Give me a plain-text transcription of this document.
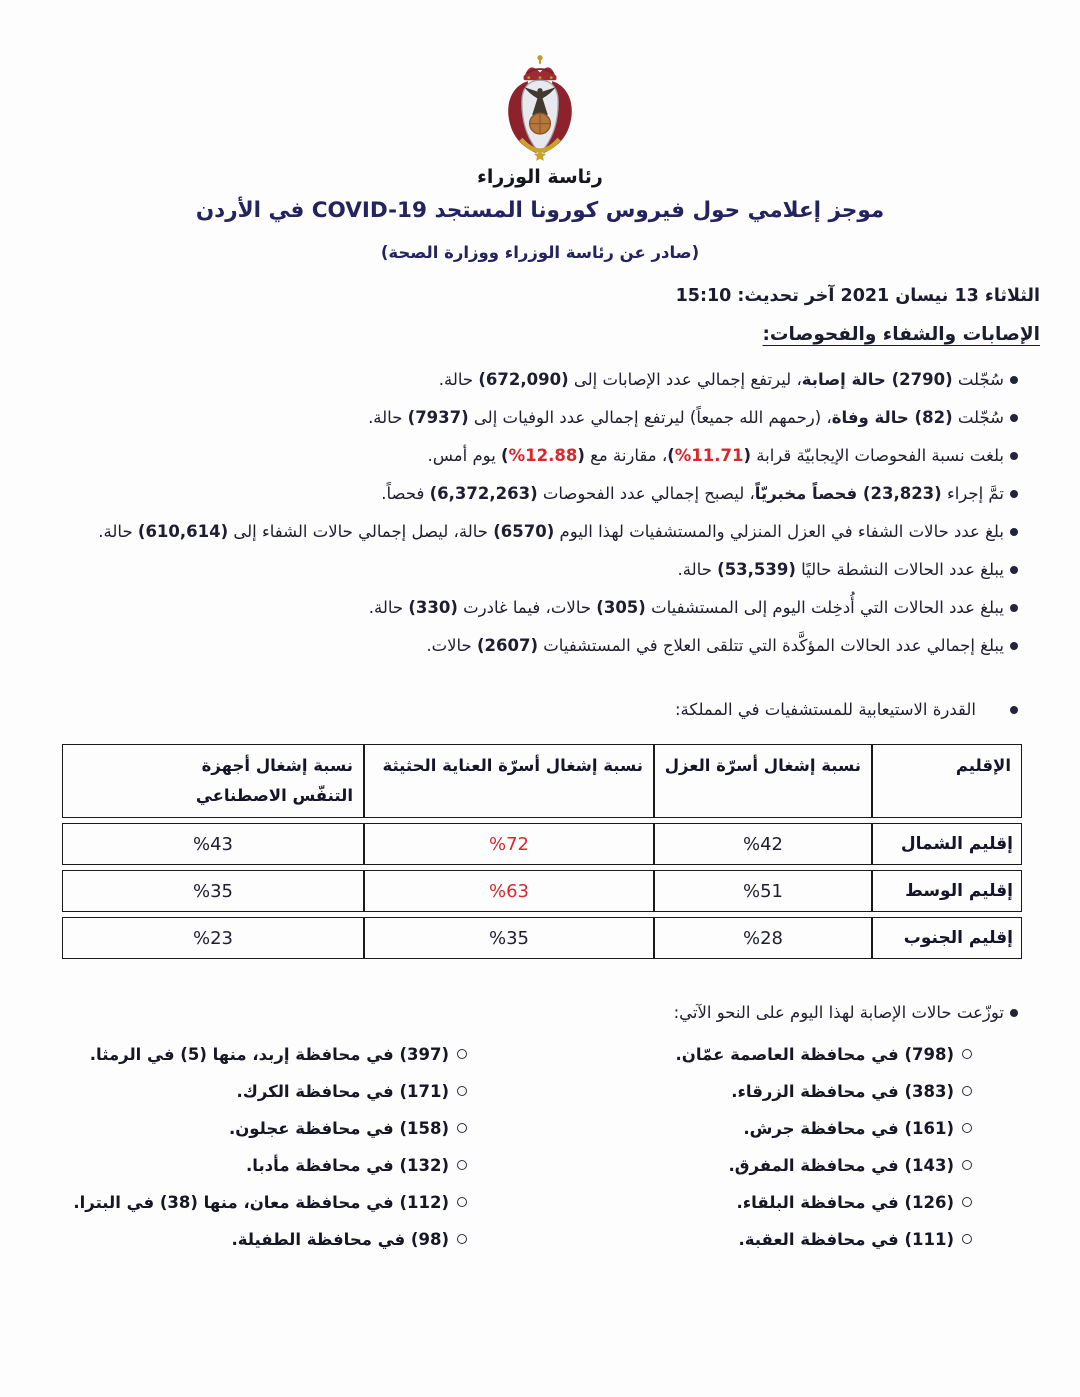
رئاسة الوزراء
موجز إعلامي حول فيروس كورونا المستجد COVID-19 في الأردن
(صادر عن رئاسة الوزراء ووزارة الصحة)
الثلاثاء 13 نيسان 2021 آخر تحديث: 15:10
الإصابات والشفاء والفحوصات:
سُجّلت (2790) حالة إصابة، ليرتفع إجمالي عدد الإصابات إلى (672,090) حالة.
سُجّلت (82) حالة وفاة، (رحمهم الله جميعاً) ليرتفع إجمالي عدد الوفيات إلى (7937) حالة.
بلغت نسبة الفحوصات الإيجابيّة قرابة (%11.71)، مقارنة مع (%12.88) يوم أمس.
تمَّ إجراء (23,823) فحصاً مخبريّاً، ليصبح إجمالي عدد الفحوصات (6,372,263) فحصاً.
بلغ عدد حالات الشفاء في العزل المنزلي والمستشفيات لهذا اليوم (6570) حالة، ليصل إجمالي حالات الشفاء إلى (610,614) حالة.
يبلغ عدد الحالات النشطة حاليًا (53,539) حالة.
يبلغ عدد الحالات التي أُدخِلت اليوم إلى المستشفيات (305) حالات، فيما غادرت (330) حالة.
يبلغ إجمالي عدد الحالات المؤكَّدة التي تتلقى العلاج في المستشفيات (2607) حالات.
القدرة الاستيعابية للمستشفيات في المملكة:
الإقليم	نسبة إشغال أسرّة العزل	نسبة إشغال أسرّة العناية الحثيثة	نسبة إشغال أجهزة التنفّس الاصطناعي
إقليم الشمال	%42	%72	%43
إقليم الوسط	%51	%63	%35
إقليم الجنوب	%28	%35	%23
توزّعت حالات الإصابة لهذا اليوم على النحو الآتي:
(798) في محافظة العاصمة عمّان.
(383) في محافظة الزرقاء.
(161) في محافظة جرش.
(143) في محافظة المفرق.
(126) في محافظة البلقاء.
(111) في محافظة العقبة.
(397) في محافظة إربد، منها (5) في الرمثا.
(171) في محافظة الكرك.
(158) في محافظة عجلون.
(132) في محافظة مأدبا.
(112) في محافظة معان، منها (38) في البترا.
(98) في محافظة الطفيلة.
